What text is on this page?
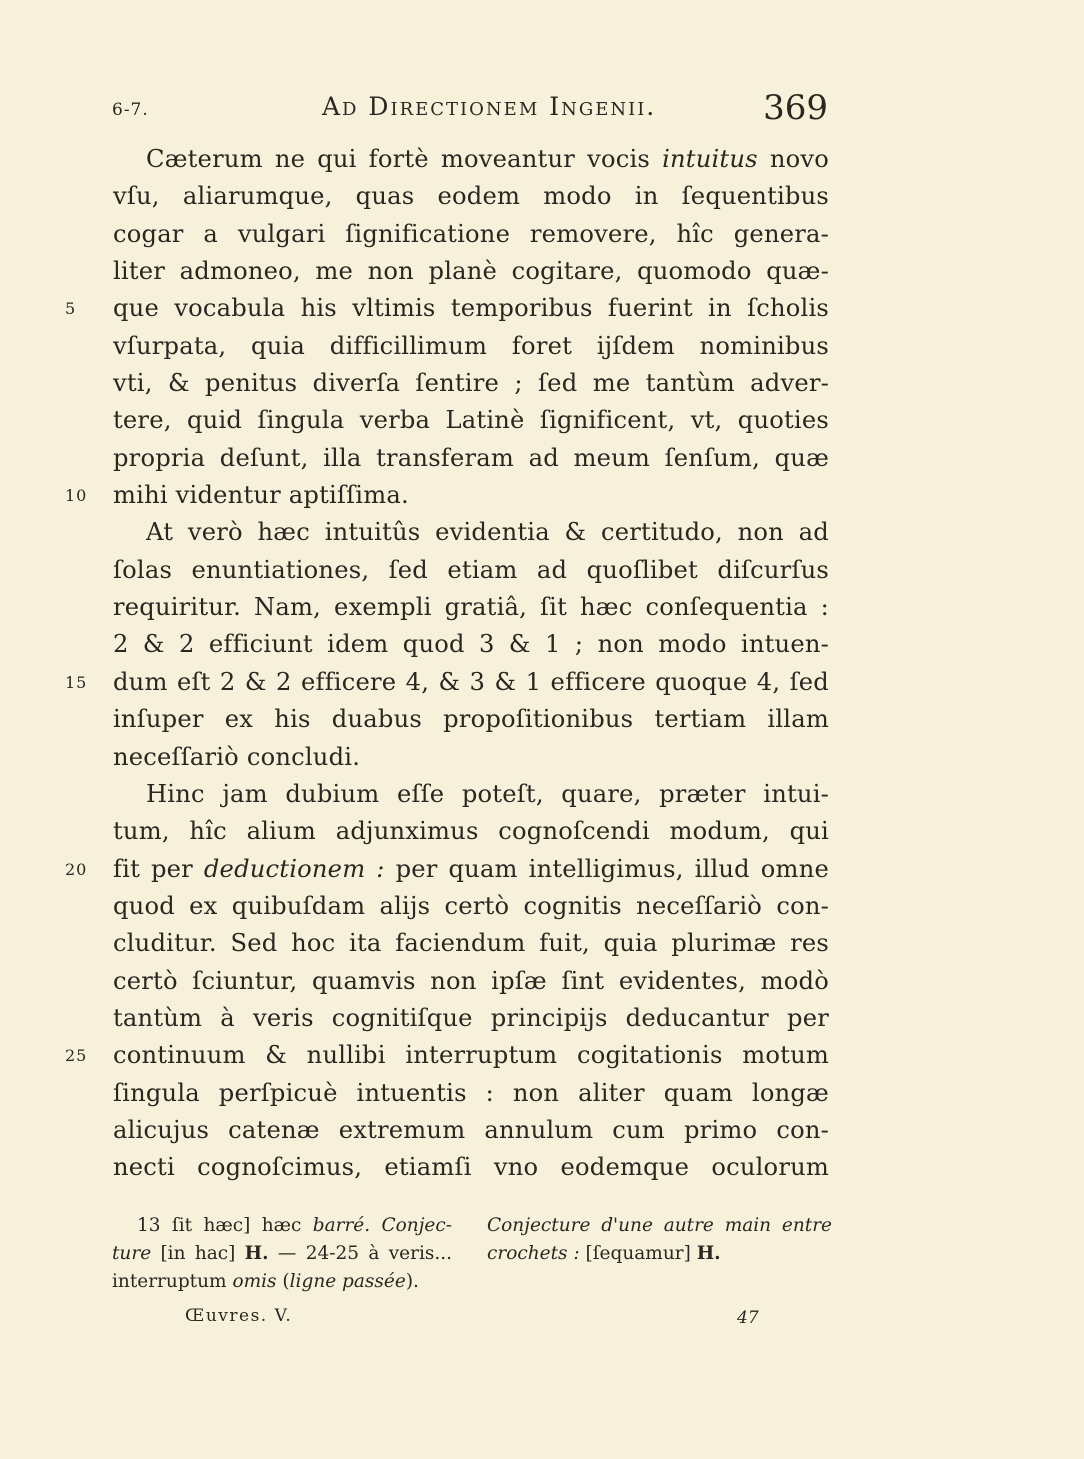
6-7.	Ad Directionem Ingenii.	369
Cæterum ne qui fortè moveantur vocis intuitus novo
vſu, aliarumque, quas eodem modo in ſequentibus
cogar a vulgari ſignificatione removere, hîc genera-
liter admoneo, me non planè cogitare, quomodo quæ-
5	que vocabula his vltimis temporibus fuerint in ſcholis
vſurpata, quia difficillimum foret ijſdem nominibus
vti, & penitus diverſa ſentire ; ſed me tantùm adver-
tere, quid ſingula verba Latinè ſignificent, vt, quoties
propria deſunt, illa transferam ad meum ſenſum, quæ
10	mihi videntur aptiſſima.
At verò hæc intuitûs evidentia & certitudo, non ad
ſolas enuntiationes, ſed etiam ad quoſlibet diſcurſus
requiritur. Nam, exempli gratiâ, ſit hæc conſequentia :
2 & 2 efficiunt idem quod 3 & 1 ; non modo intuen-
15	dum eſt 2 & 2 efficere 4, & 3 & 1 efficere quoque 4, ſed
inſuper ex his duabus propoſitionibus tertiam illam
neceſſariò concludi.
Hinc jam dubium eſſe poteſt, quare, præter intui-
tum, hîc alium adjunximus cognoſcendi modum, qui
20	fit per deductionem : per quam intelligimus, illud omne
quod ex quibuſdam alijs certò cognitis neceſſariò con-
cluditur. Sed hoc ita faciendum fuit, quia plurimæ res
certò ſciuntur, quamvis non ipſæ ſint evidentes, modò
tantùm à veris cognitiſque principijs deducantur per
25	continuum & nullibi interruptum cogitationis motum
ſingula perſpicuè intuentis : non aliter quam longæ
alicujus catenæ extremum annulum cum primo con-
necti cognoſcimus, etiamſi vno eodemque oculorum
13 ſit hæc] hæc barré. Conjec-
ture [in hac] H. — 24-25 à veris...
interruptum omis (ligne passée).
Conjecture d'une autre main entre
crochets : [ſequamur] H.
Œuvres. V.	47
